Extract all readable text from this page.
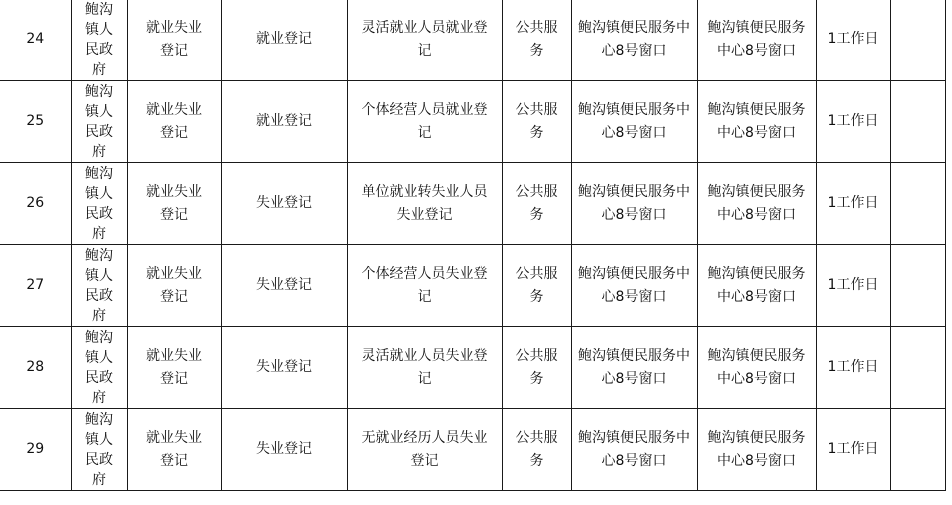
24	鲍沟镇人民政府	就业失业登记	就业登记	灵活就业人员就业登记	公共服务	鲍沟镇便民服务中心8号窗口	鲍沟镇便民服务中心8号窗口	1工作日	
25	鲍沟镇人民政府	就业失业登记	就业登记	个体经营人员就业登记	公共服务	鲍沟镇便民服务中心8号窗口	鲍沟镇便民服务中心8号窗口	1工作日	
26	鲍沟镇人民政府	就业失业登记	失业登记	单位就业转失业人员失业登记	公共服务	鲍沟镇便民服务中心8号窗口	鲍沟镇便民服务中心8号窗口	1工作日	
27	鲍沟镇人民政府	就业失业登记	失业登记	个体经营人员失业登记	公共服务	鲍沟镇便民服务中心8号窗口	鲍沟镇便民服务中心8号窗口	1工作日	
28	鲍沟镇人民政府	就业失业登记	失业登记	灵活就业人员失业登记	公共服务	鲍沟镇便民服务中心8号窗口	鲍沟镇便民服务中心8号窗口	1工作日	
29	鲍沟镇人民政府	就业失业登记	失业登记	无就业经历人员失业登记	公共服务	鲍沟镇便民服务中心8号窗口	鲍沟镇便民服务中心8号窗口	1工作日	
